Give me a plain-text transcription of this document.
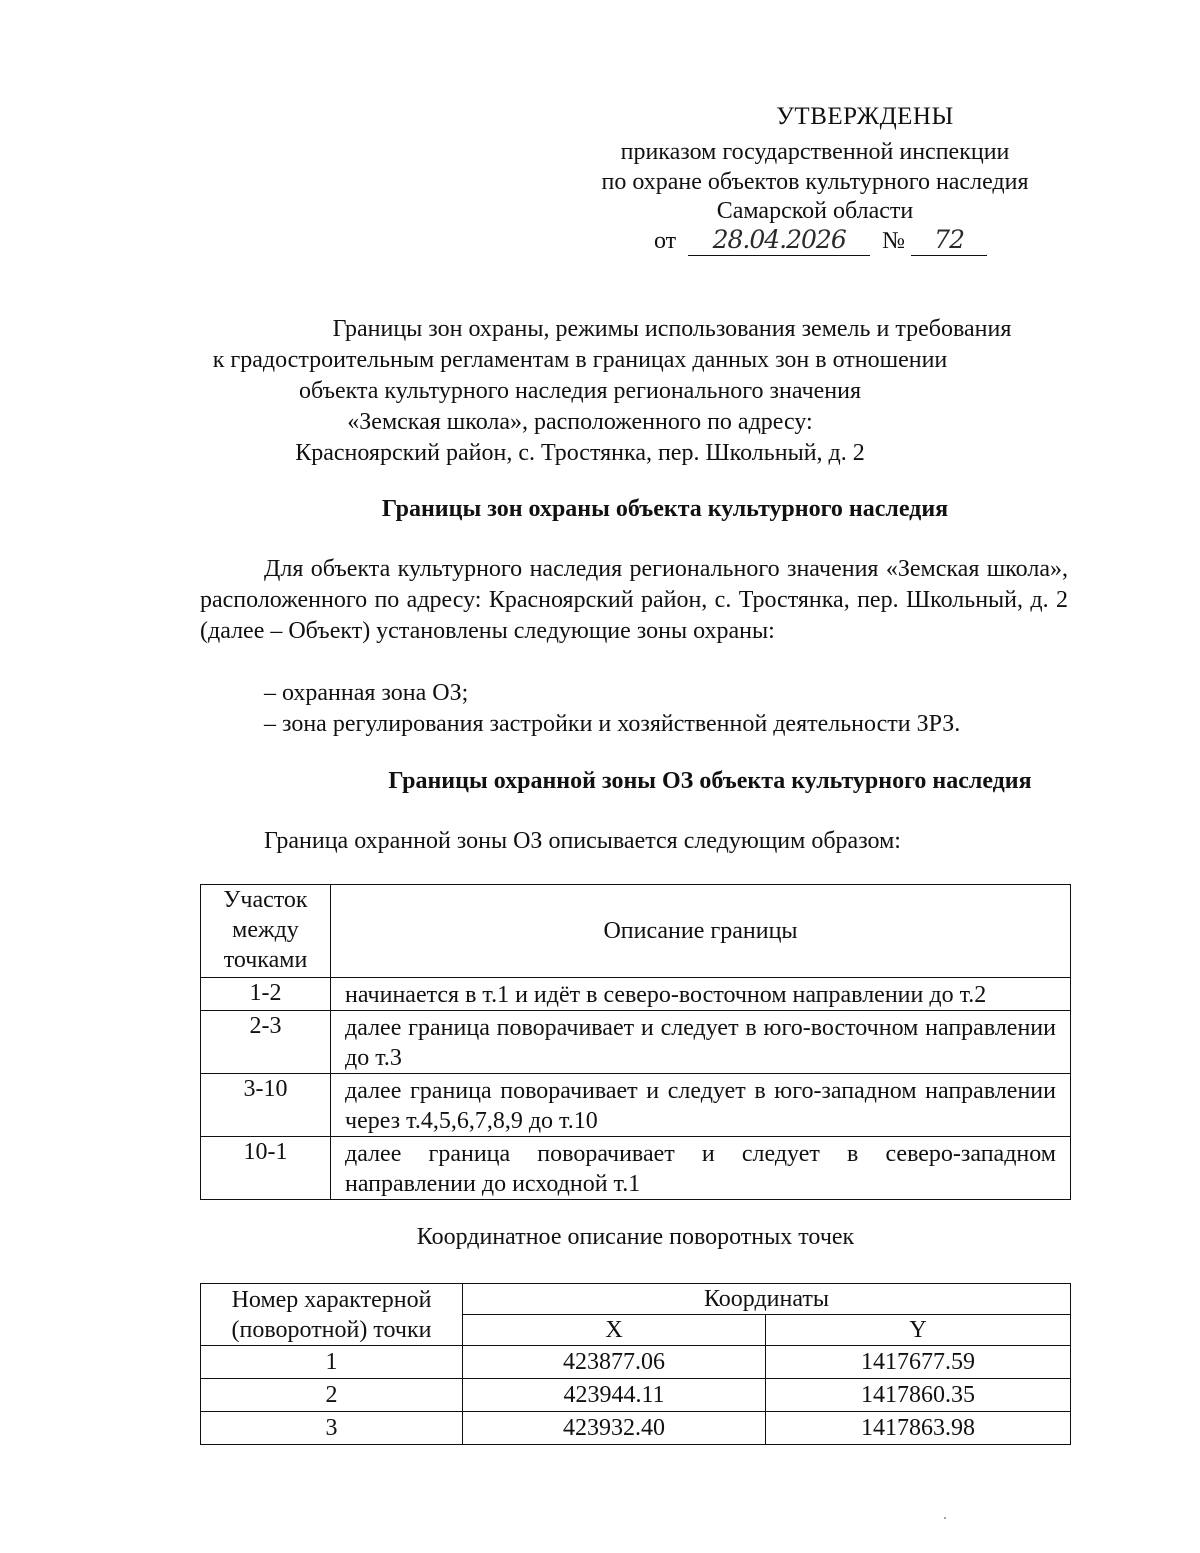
УТВЕРЖДЕНЫ
приказом государственной инспекции
по охране объектов культурного наследия
Самарской области
от 28.04.2026 № 72
Границы зон охраны, режимы использования земель и требования
к градостроительным регламентам в границах данных зон в отношении
объекта культурного наследия регионального значения
«Земская школа», расположенного по адресу:
Красноярский район, с. Тростянка, пер. Школьный, д. 2
Границы зон охраны объекта культурного наследия
Для объекта культурного наследия регионального значения «Земская школа», расположенного по адресу: Красноярский район, с. Тростянка, пер. Школьный, д. 2 (далее – Объект) установлены следующие зоны охраны:
– охранная зона ОЗ;
– зона регулирования застройки и хозяйственной деятельности ЗРЗ.
Границы охранной зоны ОЗ объекта культурного наследия
Граница охранной зоны ОЗ описывается следующим образом:
Участок
между
точками	Описание границы
1-2	начинается в т.1 и идёт в северо-восточном направлении до т.2
2-3	далее граница поворачивает и следует в юго-восточном направлении до т.3
3-10	далее граница поворачивает и следует в юго-западном направлении через т.4,5,6,7,8,9 до т.10
10-1	далее граница поворачивает и следует в северо-западном направлении до исходной т.1
Координатное описание поворотных точек
Номер характерной
(поворотной) точки	Координаты	
	X	Y
1	423877.06	1417677.59
2	423944.11	1417860.35
3	423932.40	1417863.98
